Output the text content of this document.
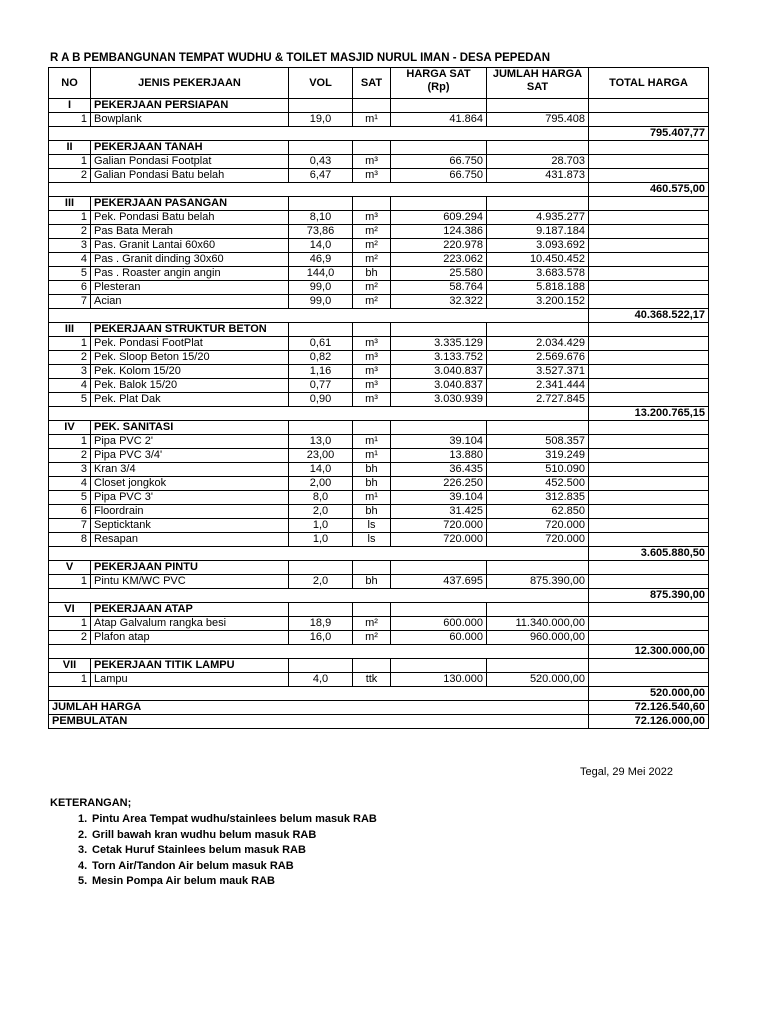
R A B PEMBANGUNAN TEMPAT WUDHU & TOILET MASJID NURUL IMAN - DESA PEPEDAN
NO	JENIS PEKERJAAN	VOL	SAT	HARGA SAT (Rp)	JUMLAH HARGA SAT	TOTAL HARGA
I	PEKERJAAN PERSIAPAN					
1	Bowplank	19,0	m¹	41.864	795.408	
						795.407,77
II	PEKERJAAN TANAH					
1	Galian Pondasi Footplat	0,43	m³	66.750	28.703	
2	Galian Pondasi Batu belah	6,47	m³	66.750	431.873	
						460.575,00
III	PEKERJAAN PASANGAN					
1	Pek. Pondasi Batu belah	8,10	m³	609.294	4.935.277	
2	Pas Bata Merah	73,86	m²	124.386	9.187.184	
3	Pas. Granit Lantai 60x60	14,0	m²	220.978	3.093.692	
4	Pas . Granit dinding 30x60	46,9	m²	223.062	10.450.452	
5	Pas . Roaster angin angin	144,0	bh	25.580	3.683.578	
6	Plesteran	99,0	m²	58.764	5.818.188	
7	Acian	99,0	m²	32.322	3.200.152	
						40.368.522,17
III	PEKERJAAN STRUKTUR BETON					
1	Pek. Pondasi FootPlat	0,61	m³	3.335.129	2.034.429	
2	Pek. Sloop Beton 15/20	0,82	m³	3.133.752	2.569.676	
3	Pek. Kolom 15/20	1,16	m³	3.040.837	3.527.371	
4	Pek. Balok 15/20	0,77	m³	3.040.837	2.341.444	
5	Pek. Plat Dak	0,90	m³	3.030.939	2.727.845	
						13.200.765,15
IV	PEK. SANITASI					
1	Pipa PVC 2'	13,0	m¹	39.104	508.357	
2	Pipa PVC 3/4'	23,00	m¹	13.880	319.249	
3	Kran 3/4	14,0	bh	36.435	510.090	
4	Closet jongkok	2,00	bh	226.250	452.500	
5	Pipa PVC 3'	8,0	m¹	39.104	312.835	
6	Floordrain	2,0	bh	31.425	62.850	
7	Septicktank	1,0	ls	720.000	720.000	
8	Resapan	1,0	ls	720.000	720.000	
						3.605.880,50
V	PEKERJAAN PINTU					
1	Pintu KM/WC PVC	2,0	bh	437.695	875.390,00	
						875.390,00
VI	PEKERJAAN ATAP					
1	Atap Galvalum rangka besi	18,9	m²	600.000	11.340.000,00	
2	Plafon atap	16,0	m²	60.000	960.000,00	
						12.300.000,00
VII	PEKERJAAN TITIK LAMPU					
1	Lampu	4,0	ttk	130.000	520.000,00	
						520.000,00
JUMLAH HARGA						72.126.540,60
PEMBULATAN						72.126.000,00
Tegal, 29 Mei 2022
KETERANGAN;
1. Pintu Area Tempat wudhu/stainlees belum masuk RAB
2. Grill bawah kran wudhu belum masuk RAB
3. Cetak Huruf Stainlees belum masuk RAB
4. Torn Air/Tandon Air belum masuk RAB
5. Mesin Pompa Air belum mauk RAB
